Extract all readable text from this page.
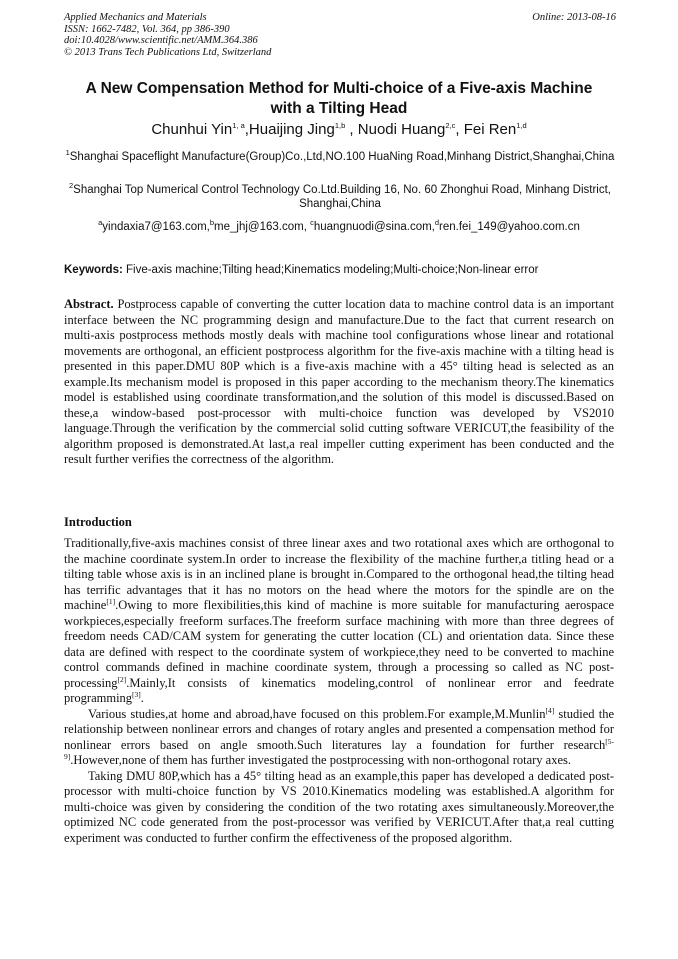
Applied Mechanics and Materials
ISSN: 1662-7482, Vol. 364, pp 386-390
doi:10.4028/www.scientific.net/AMM.364.386
© 2013 Trans Tech Publications Ltd, Switzerland
Online: 2013-08-16
A New Compensation Method for Multi-choice of a Five-axis Machine
with a Tilting Head
Chunhui Yin$^{1, a}$,Huaijing Jing$^{1,b}$ , Nuodi Huang$^{2,c}$, Fei Ren$^{1,d}$
$^1$Shanghai Spaceflight Manufacture(Group)Co.,Ltd,NO.100 HuaNing Road,Minhang District,Shanghai,China
$^2$Shanghai Top Numerical Control Technology Co.Ltd.Building 16, No. 60 Zhonghui Road, Minhang District, Shanghai,China
$^a$yindaxia7@163.com,$^b$me_jhj@163.com, $^c$huangnuodi@sina.com,$^d$ren.fei_149@yahoo.com.cn
Keywords: Five-axis machine;Tilting head;Kinematics modeling;Multi-choice;Non-linear error

Abstract. Postprocess capable of converting the cutter location data to machine control data is an important interface between the NC programming design and manufacture.Due to the fact that current research on multi-axis postprocess methods mostly deals with machine tool configurations whose linear and rotational movements are orthogonal, an efficient postprocess algorithm for the five-axis machine with a tilting head is presented in this paper.DMU 80P which is a five-axis machine with a 45° tilting head is selected as an example.Its mechanism model is proposed in this paper according to the mechanism theory.The kinematics model is established using coordinate transformation,and the solution of this model is discussed.Based on these,a window-based post-processor with multi-choice function was developed by VS2010 language.Through the verification by the commercial solid cutting software VERICUT,the feasibility of the algorithm proposed is demonstrated.At last,a real impeller cutting experiment has been conducted and the result further verifies the correctness of the algorithm.

Introduction

Traditionally,five-axis machines consist of three linear axes and two rotational axes which are orthogonal to the machine coordinate system.In order to increase the flexibility of the machine further,a titling head or a tilting table whose axis is in an inclined plane is brought in.Compared to the orthogonal head,the tilting head has terrific advantages that it has no motors on the head where the motors for the spindle are on the machine[1].Owing to more flexibilities,this kind of machine is more suitable for manufacturing aerospace workpieces,especially freeform surfaces.The freeform surface machining with more than three degrees of freedom needs CAD/CAM system for generating the cutter location (CL) and orientation data. Since these data are defined with respect to the coordinate system of workpiece,they need to be converted to machine control commands defined in machine coordinate system, through a processing so called as NC post-processing[2].Mainly,It consists of kinematics modeling,control of nonlinear error and feedrate programming[3].

Various studies,at home and abroad,have focused on this problem.For example,M.Munlin[4] studied the relationship between nonlinear errors and changes of rotary angles and presented a compensation method for nonlinear errors based on angle smooth.Such literatures lay a foundation for further research[5-9].However,none of them has further investigated the postprocessing with non-orthogonal rotary axes.

Taking DMU 80P,which has a 45° tilting head as an example,this paper has developed a dedicated post-processor with multi-choice function by VS 2010.Kinematics modeling was established.A algorithm for multi-choice was given by considering the condition of the two rotating axes simultaneously.Moreover,the optimized NC code generated from the post-processor was verified by VERICUT.After that,a real cutting experiment was conducted to further confirm the effectiveness of the proposed algorithm.
